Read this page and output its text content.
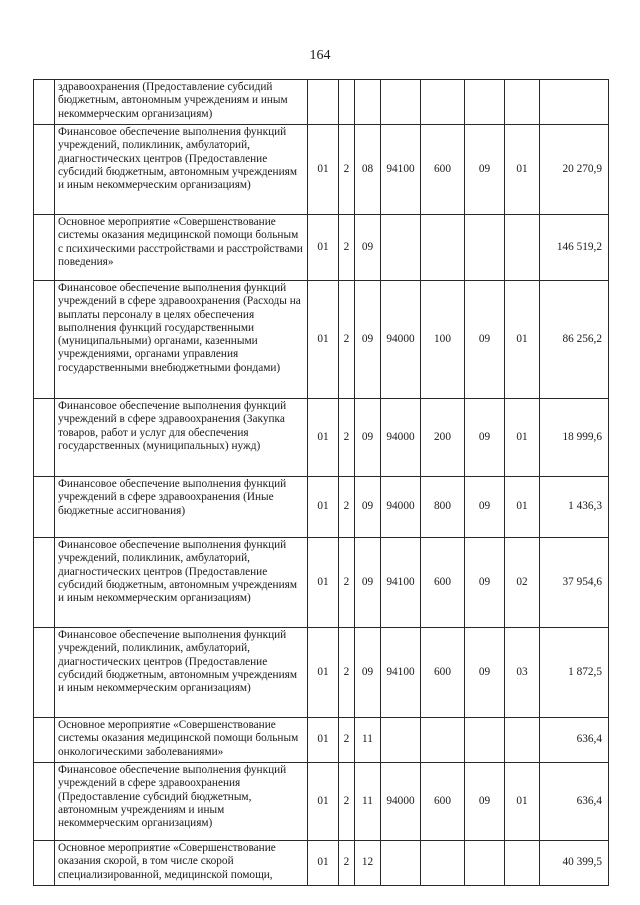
164
	здравоохранения (Предоставление субсидий бюджетным, автономным учреждениям и иным некоммерческим организациям)								
	Финансовое обеспечение выполнения функций учреждений, поликлиник, амбулаторий, диагностических центров (Предоставление субсидий бюджетным, автономным учреждениям и иным некоммерческим организациям)	01	2	08	94100	600	09	01	20 270,9
	Основное мероприятие «Совершенствование системы оказания медицинской помощи больным с психическими расстройствами и расстройствами поведения»	01	2	09					146 519,2
	Финансовое обеспечение выполнения функций учреждений в сфере здравоохранения (Расходы на выплаты персоналу в целях обеспечения выполнения функций государственными (муниципальными) органами, казенными учреждениями, органами управления государственными внебюджетными фондами)	01	2	09	94000	100	09	01	86 256,2
	Финансовое обеспечение выполнения функций учреждений в сфере здравоохранения (Закупка товаров, работ и услуг для обеспечения государственных (муниципальных) нужд)	01	2	09	94000	200	09	01	18 999,6
	Финансовое обеспечение выполнения функций учреждений в сфере здравоохранения (Иные бюджетные ассигнования)	01	2	09	94000	800	09	01	1 436,3
	Финансовое обеспечение выполнения функций учреждений, поликлиник, амбулаторий, диагностических центров (Предоставление субсидий бюджетным, автономным учреждениям и иным некоммерческим организациям)	01	2	09	94100	600	09	02	37 954,6
	Финансовое обеспечение выполнения функций учреждений, поликлиник, амбулаторий, диагностических центров (Предоставление субсидий бюджетным, автономным учреждениям и иным некоммерческим организациям)	01	2	09	94100	600	09	03	1 872,5
	Основное мероприятие «Совершенствование системы оказания медицинской помощи больным онкологическими заболеваниями»	01	2	11					636,4
	Финансовое обеспечение выполнения функций учреждений в сфере здравоохранения (Предоставление субсидий бюджетным, автономным учреждениям и иным некоммерческим организациям)	01	2	11	94000	600	09	01	636,4
	Основное мероприятие «Совершенствование оказания скорой, в том числе скорой специализированной, медицинской помощи,	01	2	12					40 399,5
